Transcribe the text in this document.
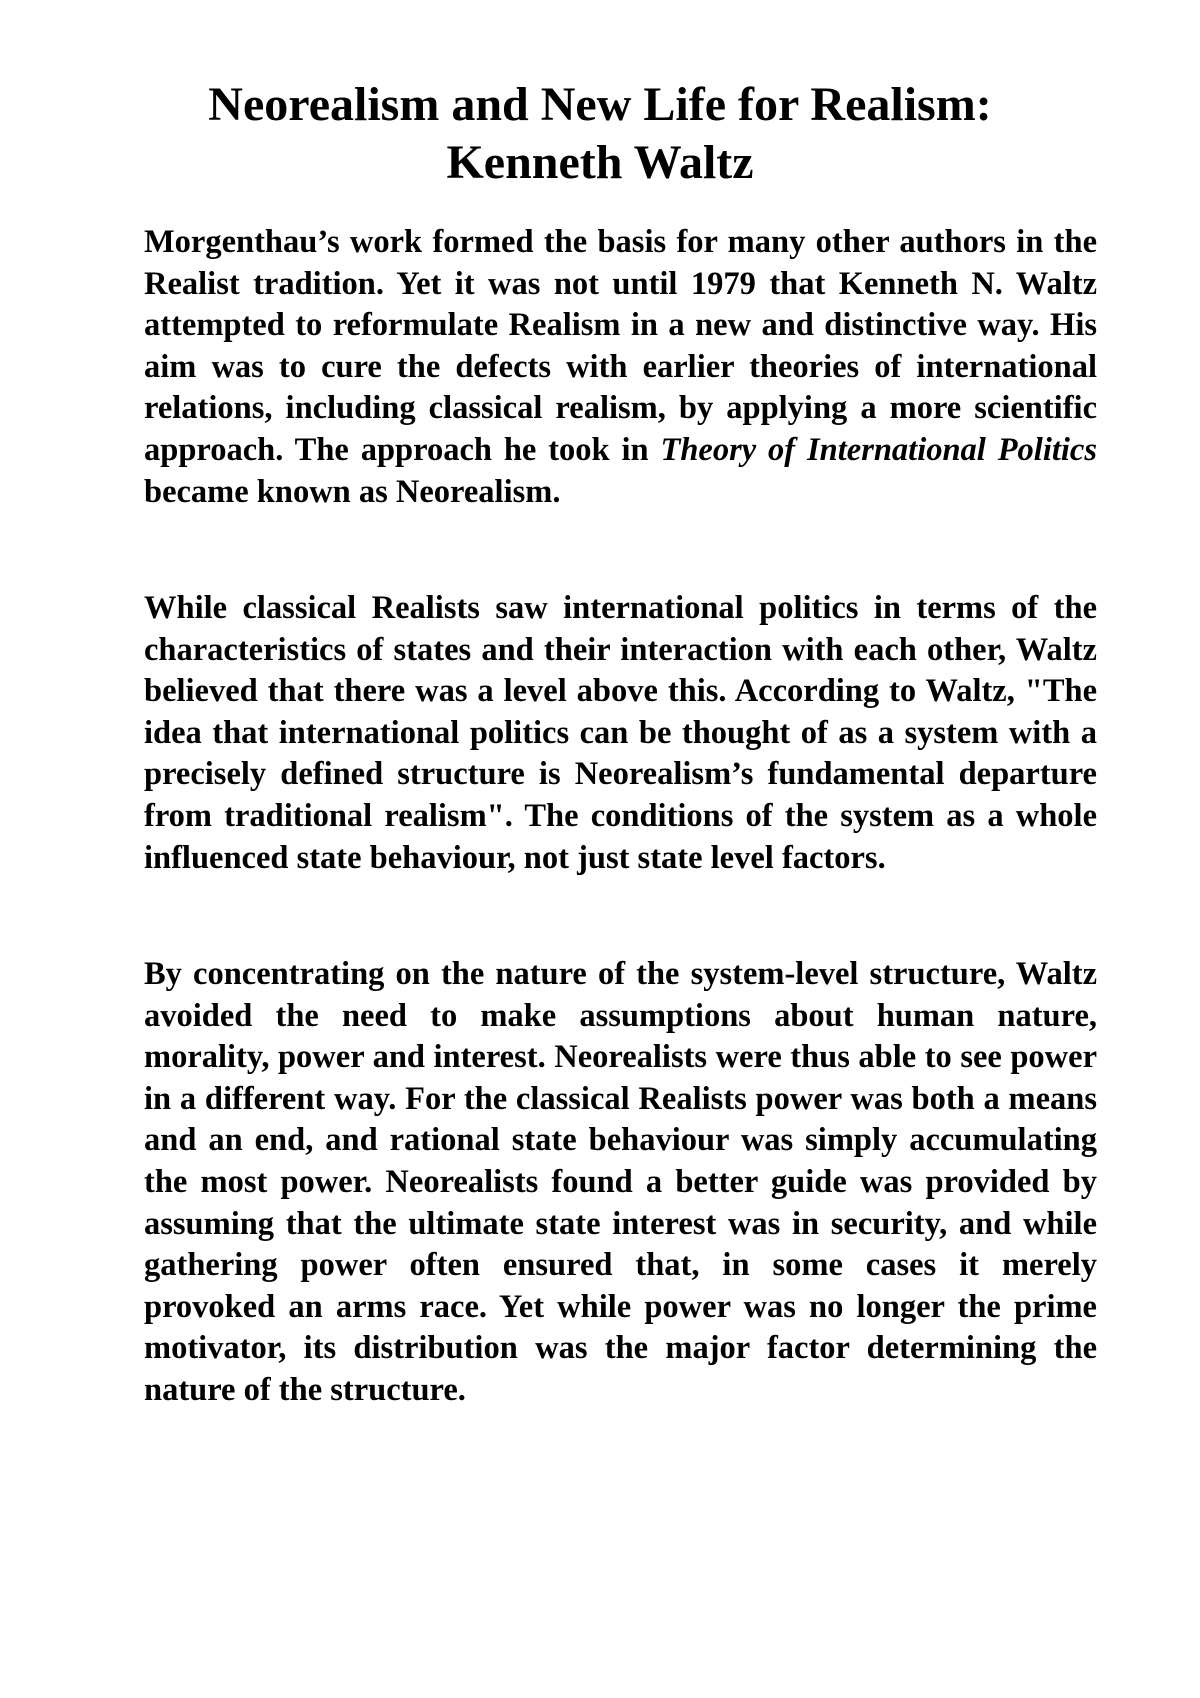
Neorealism and New Life for Realism:
Kenneth Waltz

Morgenthau’s work formed the basis for many other authors in the Realist tradition. Yet it was not until 1979 that Kenneth N. Waltz attempted to reformulate Realism in a new and distinctive way. His aim was to cure the defects with earlier theories of international relations, including classical realism, by applying a more scientific approach. The approach he took in Theory of International Politics became known as Neorealism.

While classical Realists saw international politics in terms of the characteristics of states and their interaction with each other, Waltz believed that there was a level above this. According to Waltz, "The idea that international politics can be thought of as a system with a precisely defined structure is Neorealism’s fundamental departure from traditional realism". The conditions of the system as a whole influenced state behaviour, not just state level factors.

By concentrating on the nature of the system-level structure, Waltz avoided the need to make assumptions about human nature, morality, power and interest. Neorealists were thus able to see power in a different way. For the classical Realists power was both a means and an end, and rational state behaviour was simply accumulating the most power. Neorealists found a better guide was provided by assuming that the ultimate state interest was in security, and while gathering power often ensured that, in some cases it merely provoked an arms race. Yet while power was no longer the prime motivator, its distribution was the major factor determining the nature of the structure.
